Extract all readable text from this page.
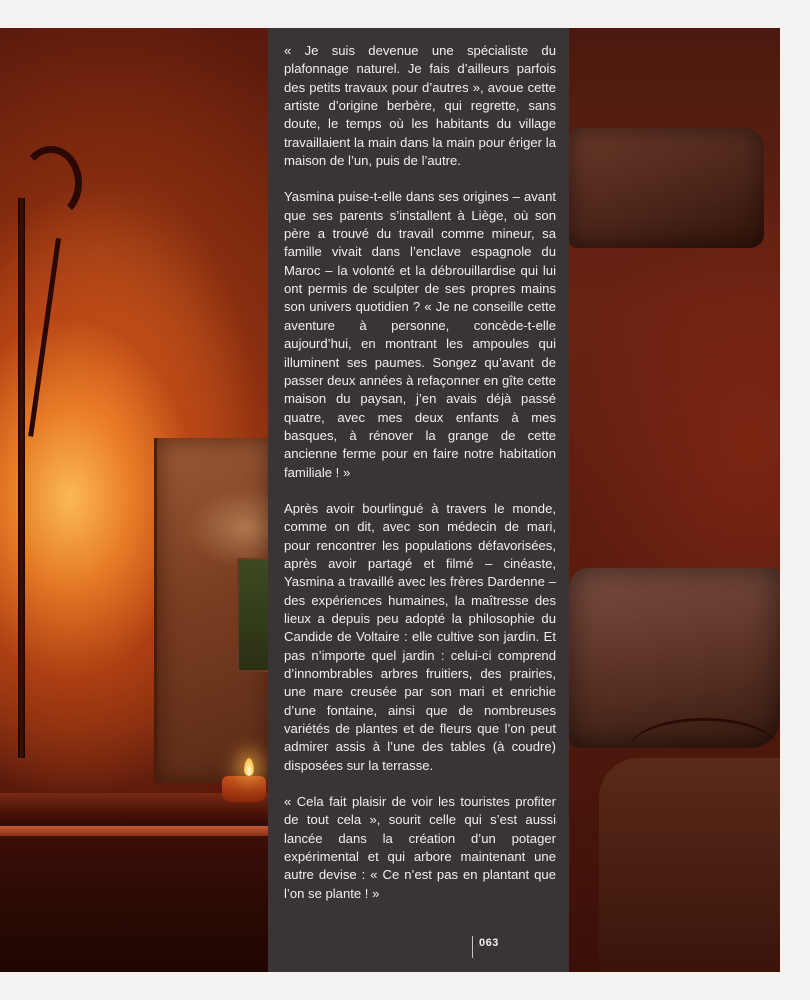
« Je suis devenue une spécialiste du plafonnage naturel. Je fais d’ailleurs parfois des petits travaux pour d’autres », avoue cette artiste d’origine berbère, qui regrette, sans doute, le temps où les habitants du village travaillaient la main dans la main pour ériger la maison de l’un, puis de l’autre.

Yasmina puise-t-elle dans ses origines – avant que ses parents s’installent à Liège, où son père a trouvé du travail comme mineur, sa famille vivait dans l’enclave espagnole du Maroc – la volonté et la débrouillardise qui lui ont permis de sculpter de ses propres mains son univers quotidien ? « Je ne conseille cette aventure à personne, concède-t-elle aujourd’hui, en montrant les ampoules qui illuminent ses paumes. Songez qu’avant de passer deux années à refaçonner en gîte cette maison du paysan, j’en avais déjà passé quatre, avec mes deux enfants à mes basques, à rénover la grange de cette ancienne ferme pour en faire notre habitation familiale ! »

Après avoir bourlingué à travers le monde, comme on dit, avec son médecin de mari, pour rencontrer les populations défavorisées, après avoir partagé et filmé – cinéaste, Yasmina a travaillé avec les frères Dardenne – des expériences humaines, la maîtresse des lieux a depuis peu adopté la philosophie du Candide de Voltaire : elle cultive son jardin. Et pas n’importe quel jardin : celui-ci comprend d’innombrables arbres fruitiers, des prairies, une mare creusée par son mari et enrichie d’une fontaine, ainsi que de nombreuses variétés de plantes et de fleurs que l’on peut admirer assis à l’une des tables (à coudre) disposées sur la terrasse.

« Cela fait plaisir de voir les touristes profiter de tout cela », sourit celle qui s’est aussi lancée dans la création d’un potager expérimental et qui arbore maintenant une autre devise : « Ce n’est pas en plantant que l’on se plante ! »

063
